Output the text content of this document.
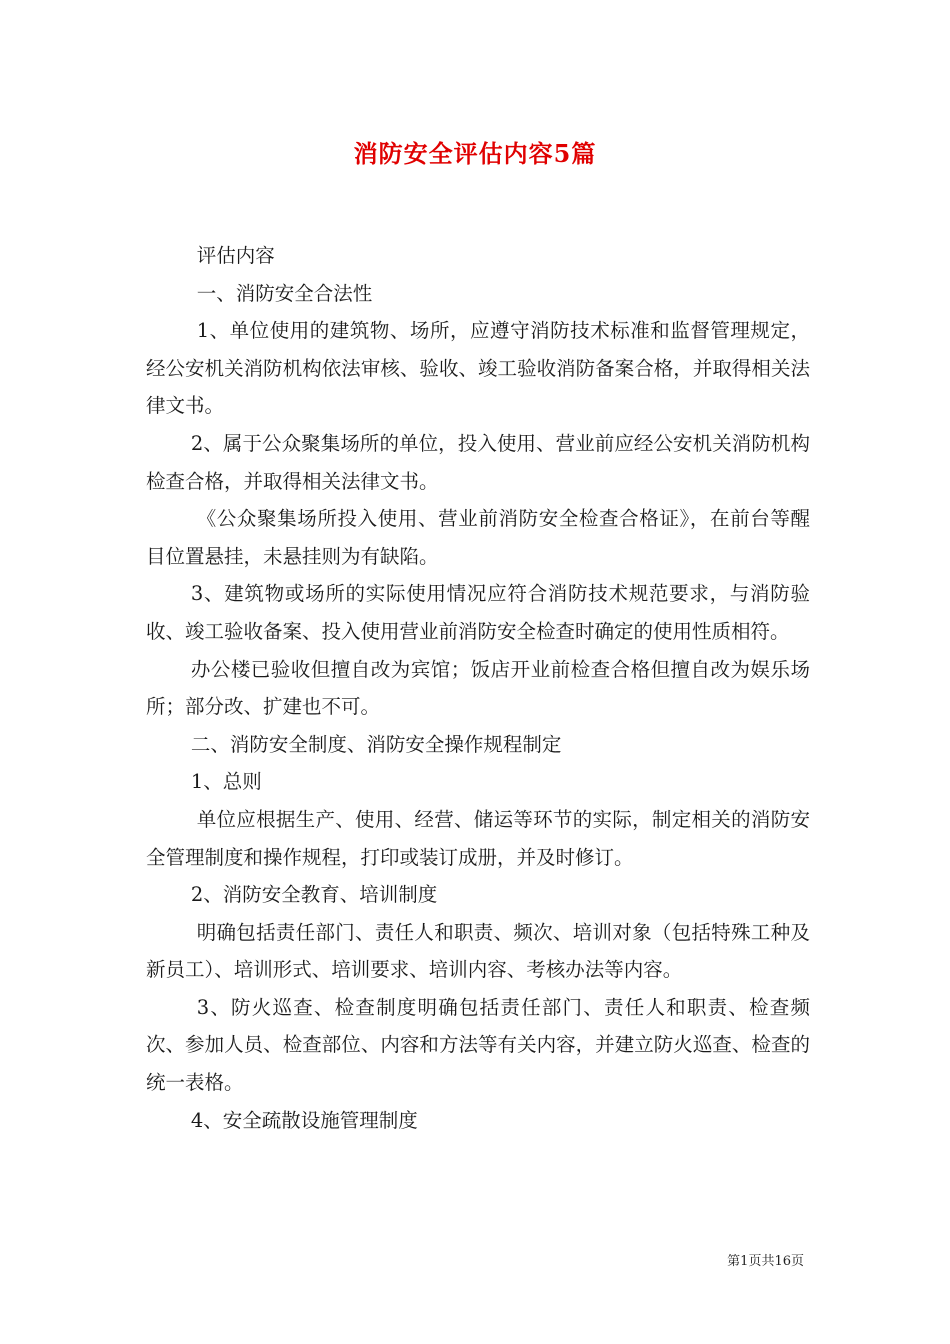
消防安全评估内容5篇

评估内容

一、消防安全合法性

1、单位使用的建筑物、场所，应遵守消防技术标准和监督管理规定，经公安机关消防机构依法审核、验收、竣工验收消防备案合格，并取得相关法律文书。

2、属于公众聚集场所的单位，投入使用、营业前应经公安机关消防机构检查合格，并取得相关法律文书。

《公众聚集场所投入使用、营业前消防安全检查合格证》，在前台等醒目位置悬挂，未悬挂则为有缺陷。

3、建筑物或场所的实际使用情况应符合消防技术规范要求，与消防验收、竣工验收备案、投入使用营业前消防安全检查时确定的使用性质相符。

办公楼已验收但擅自改为宾馆；饭店开业前检查合格但擅自改为娱乐场所；部分改、扩建也不可。

二、消防安全制度、消防安全操作规程制定

1、总则

单位应根据生产、使用、经营、储运等环节的实际，制定相关的消防安全管理制度和操作规程，打印或装订成册，并及时修订。

2、消防安全教育、培训制度

明确包括责任部门、责任人和职责、频次、培训对象（包括特殊工种及新员工）、培训形式、培训要求、培训内容、考核办法等内容。

3、防火巡查、检查制度明确包括责任部门、责任人和职责、检查频次、参加人员、检查部位、内容和方法等有关内容，并建立防火巡查、检查的统一表格。

4、安全疏散设施管理制度

第1页共16页
